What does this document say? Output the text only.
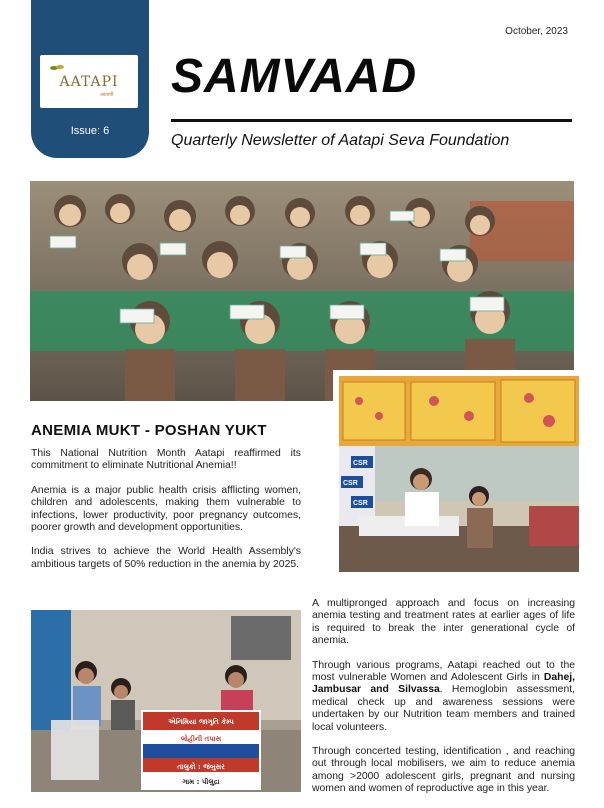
AATAPI
आतापी
Issue: 6
October, 2023
SAMVAAD
Quarterly Newsletter of Aatapi Seva Foundation
CSR
CSR
CSR
ANEMIA MUKT - POSHAN YUKT

This National Nutrition Month Aatapi reaffirmed its commitment to eliminate Nutritional Anemia!!

Anemia is a major public health crisis afflicting women, children and adolescents, making them vulnerable to infections, lower productivity, poor pregnancy outcomes, poorer growth and development opportunities.

India strives to achieve the World Health Assembly's ambitious targets of 50% reduction in the anemia by 2025.

એનિમિયા જાગૃતિ કેમ્પ
લોહીની તપાસ
તાલુકો : જંબુસર
ગામ : પીલુદ્રા

A multipronged approach and focus on increasing anemia testing and treatment rates at earlier ages of life is required to break the inter generational cycle of anemia.

Through various programs, Aatapi reached out to the most vulnerable Women and Adolescent Girls in Dahej, Jambusar and Silvassa. Hemoglobin assessment, medical check up and awareness sessions were undertaken by our Nutrition team members and trained local volunteers.

Through concerted testing, identification , and reaching out through local mobilisers, we aim to reduce anemia among >2000 adolescent girls, pregnant and nursing women and women of reproductive age in this year.
